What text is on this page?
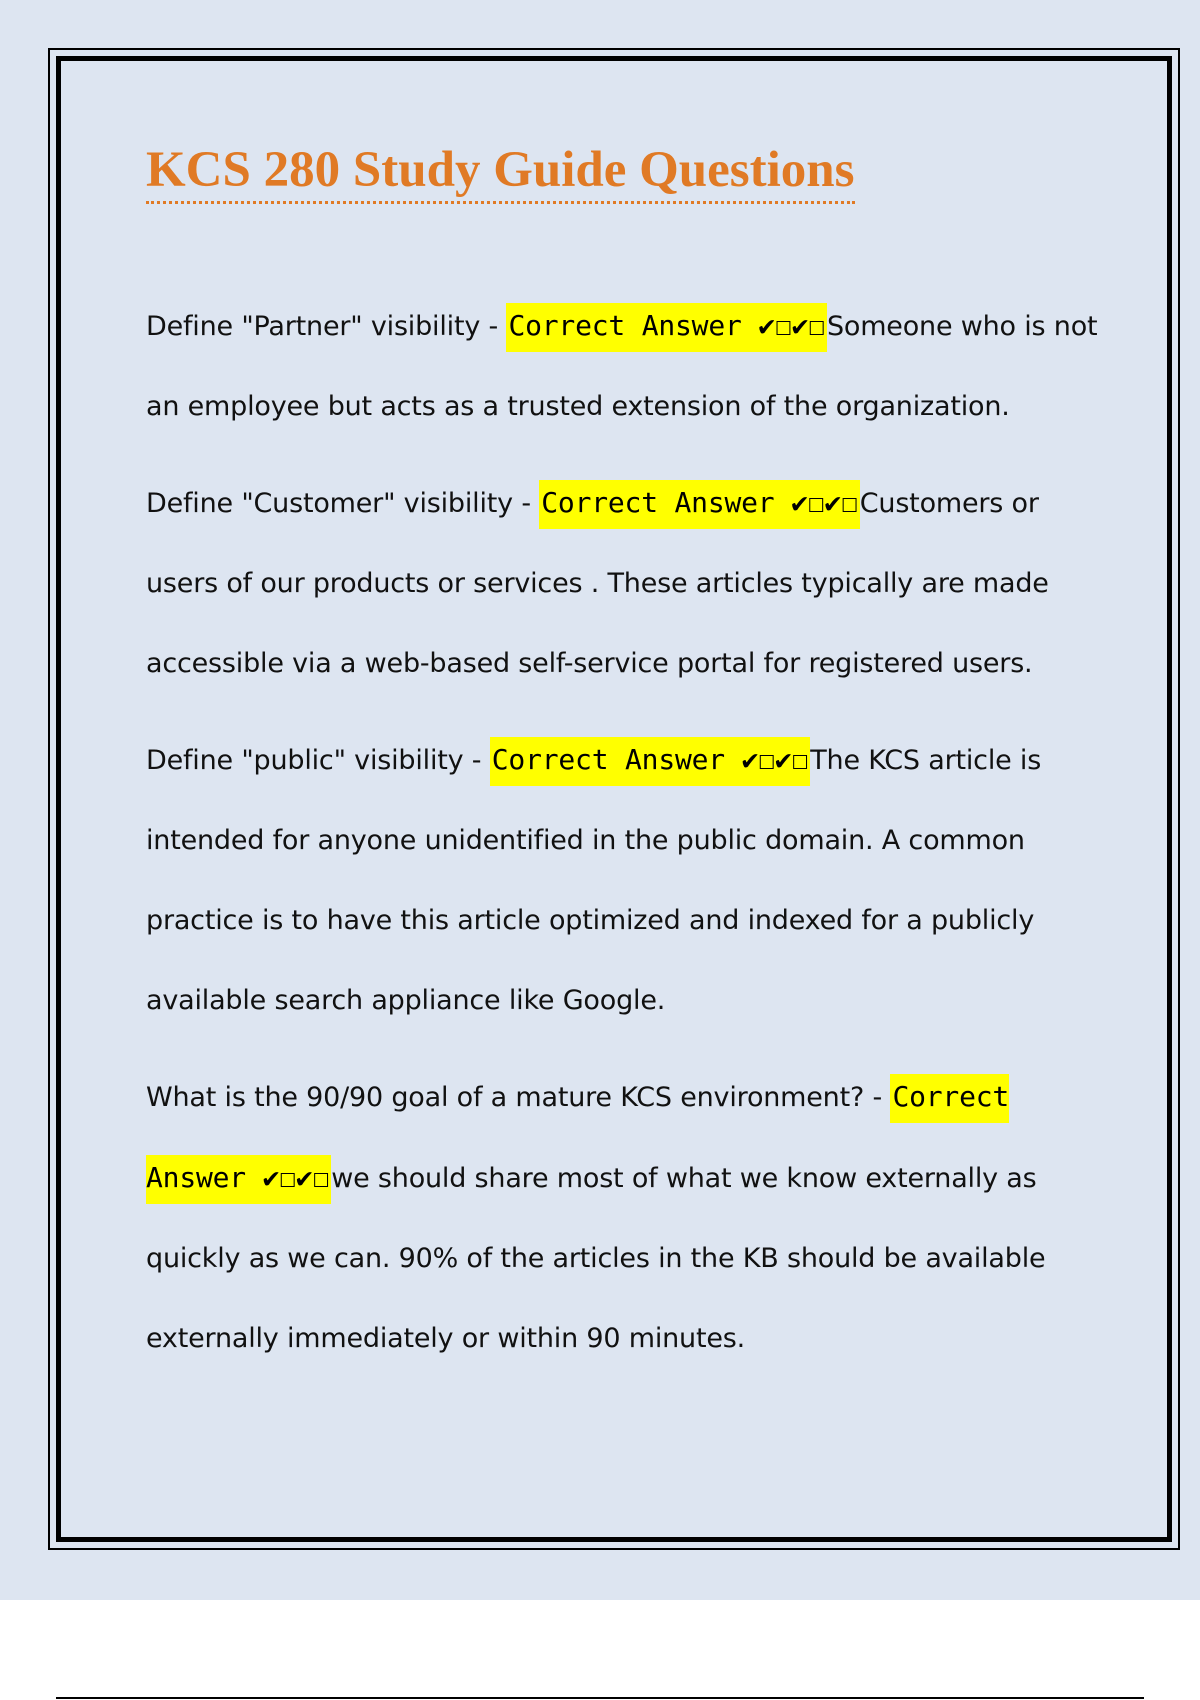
KCS 280 Study Guide Questions

Define "Partner" visibility - Correct Answer ✔☐✔☐Someone who is not an employee but acts as a trusted extension of the organization.

Define "Customer" visibility - Correct Answer ✔☐✔☐Customers or users of our products or services . These articles typically are made accessible via a web-based self-service portal for registered users.

Define "public" visibility - Correct Answer ✔☐✔☐The KCS article is intended for anyone unidentified in the public domain. A common practice is to have this article optimized and indexed for a publicly available search appliance like Google.

What is the 90/90 goal of a mature KCS environment? - Correct Answer ✔☐✔☐we should share most of what we know externally as quickly as we can. 90% of the articles in the KB should be available externally immediately or within 90 minutes.
